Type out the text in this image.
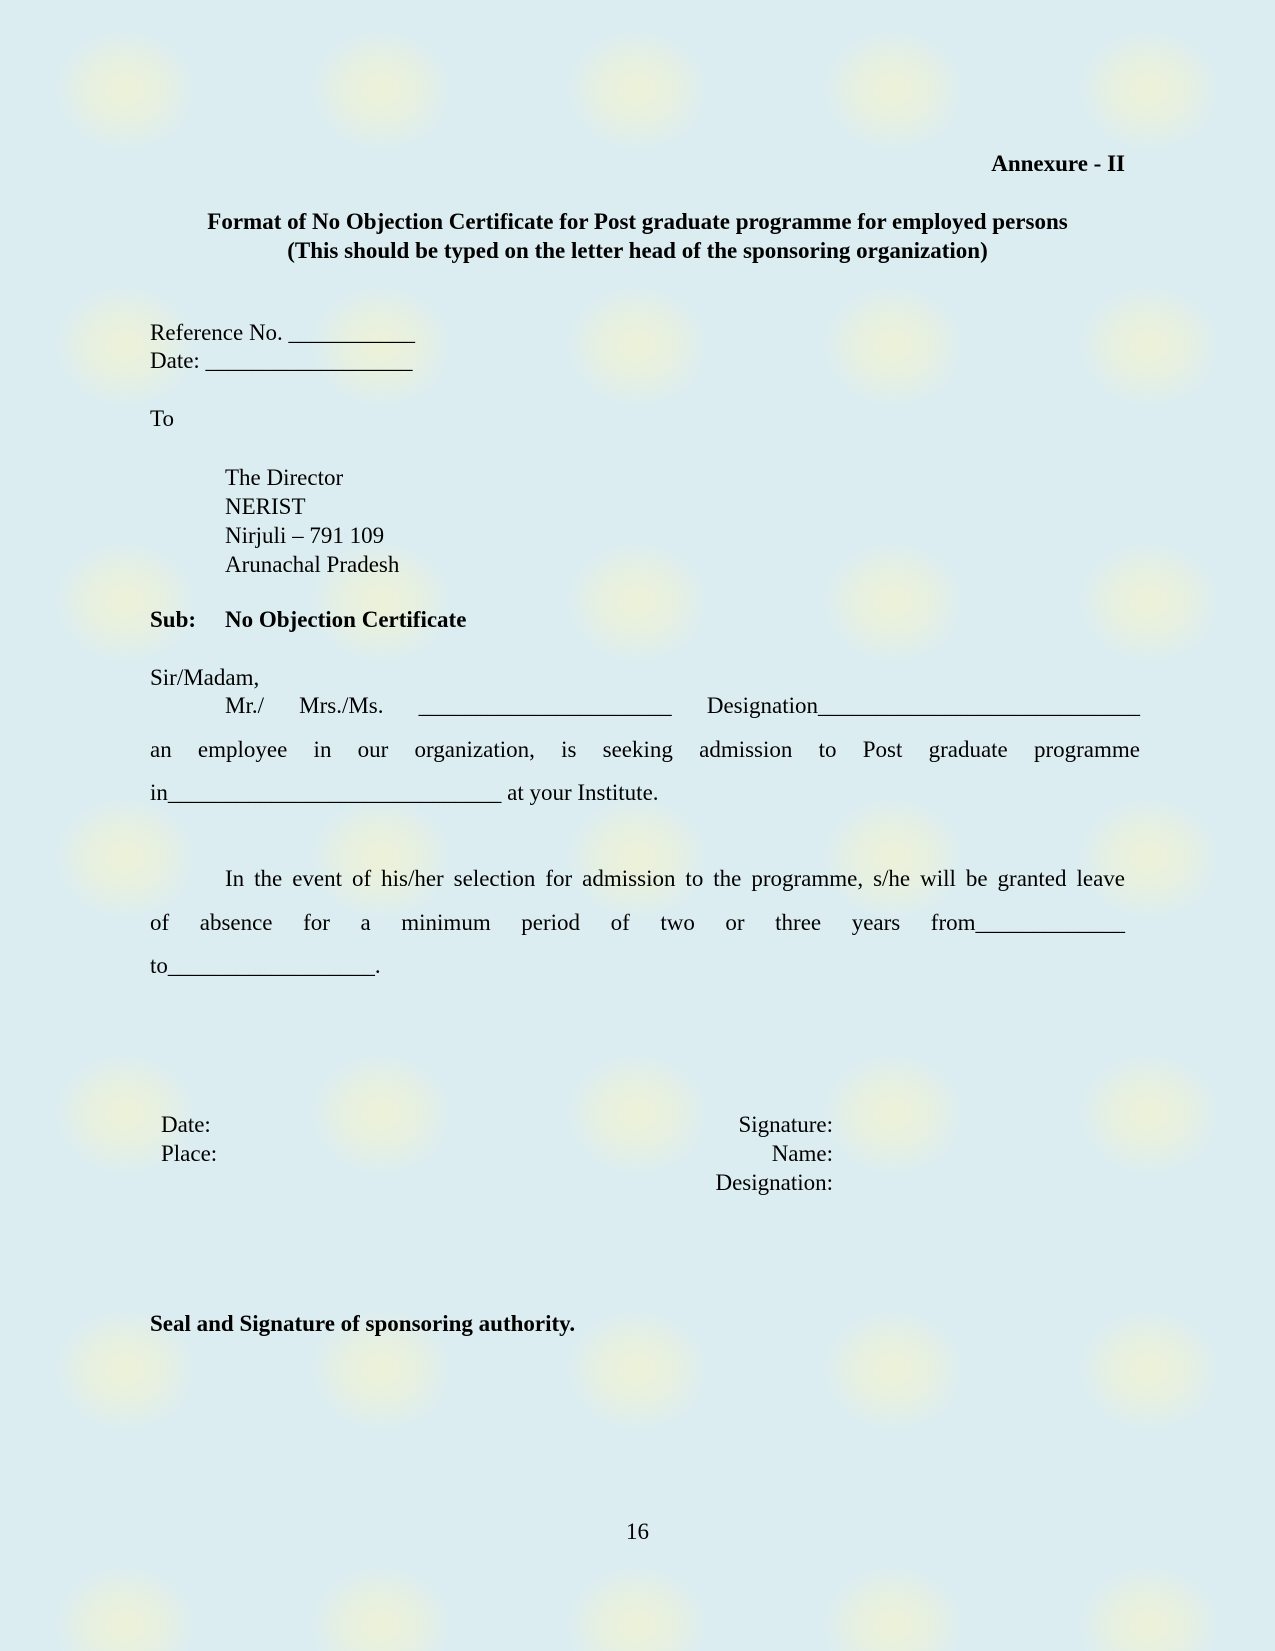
Annexure - II
Format of No Objection Certificate for Post graduate programme for employed persons
(This should be typed on the letter head of the sponsoring organization)
Reference No. ___________
Date: __________________
To
The Director
NERIST
Nirjuli – 791 109
Arunachal Pradesh
Sub: No Objection Certificate
Sir/Madam,
Mr./ Mrs./Ms. ______________________ Designation____________________________
an employee in our organization, is seeking admission to Post graduate programme
in_____________________________ at your Institute.
In the event of his/her selection for admission to the programme, s/he will be granted leave
of absence for a minimum period of two or three years from_____________
to__________________.
Date:
Place:
Signature:
Name:
Designation:
Seal and Signature of sponsoring authority.
16
